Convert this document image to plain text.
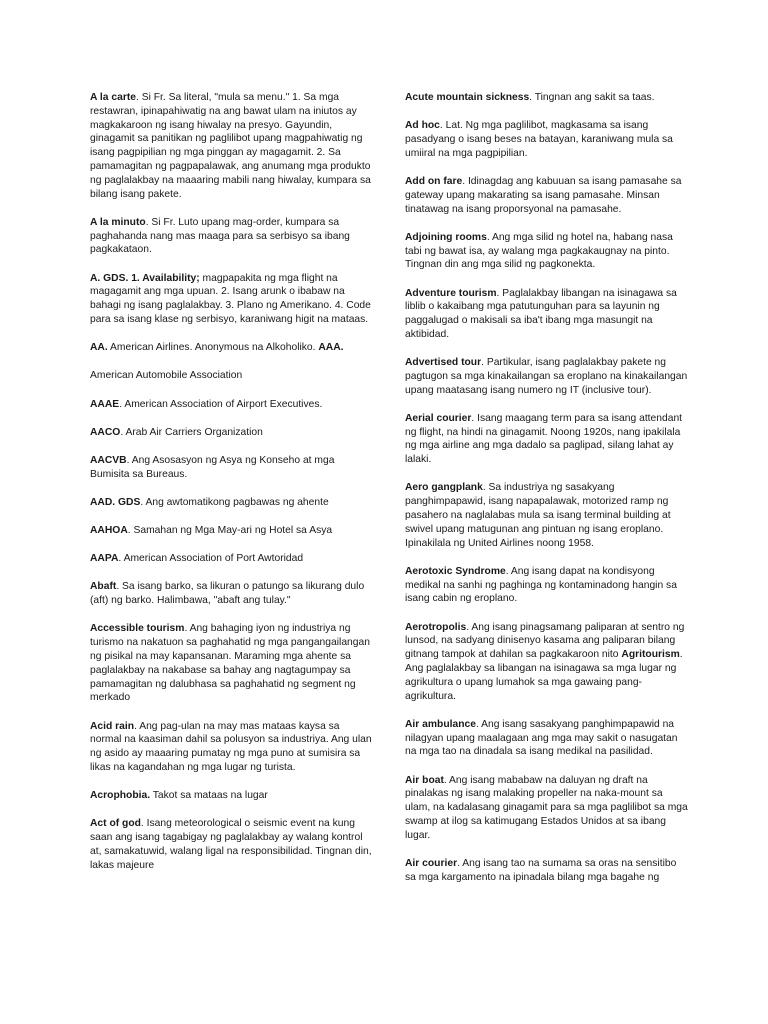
A la carte. Si Fr. Sa literal, "mula sa menu." 1. Sa mga restawran, ipinapahiwatig na ang bawat ulam na iniutos ay magkakaroon ng isang hiwalay na presyo. Gayundin, ginagamit sa panitikan ng paglilibot upang magpahiwatig ng isang pagpipilian ng mga pinggan ay magagamit. 2. Sa pamamagitan ng pagpapalawak, ang anumang mga produkto ng paglalakbay na maaaring mabili nang hiwalay, kumpara sa bilang isang pakete.

A la minuto. Si Fr. Luto upang mag-order, kumpara sa paghahanda nang mas maaga para sa serbisyo sa ibang pagkakataon.

A. GDS. 1. Availability; magpapakita ng mga flight na magagamit ang mga upuan. 2. Isang arunk o ibabaw na bahagi ng isang paglalakbay. 3. Plano ng Amerikano. 4. Code para sa isang klase ng serbisyo, karaniwang higit na mataas.

AA. American Airlines. Anonymous na Alkoholiko. AAA.

American Automobile Association

AAAE. American Association of Airport Executives.

AACO. Arab Air Carriers Organization

AACVB. Ang Asosasyon ng Asya ng Konseho at mga Bumisita sa Bureaus.

AAD. GDS. Ang awtomatikong pagbawas ng ahente

AAHOA. Samahan ng Mga May-ari ng Hotel sa Asya

AAPA. American Association of Port Awtoridad

Abaft. Sa isang barko, sa likuran o patungo sa likurang dulo (aft) ng barko. Halimbawa, "abaft ang tulay."

Accessible tourism. Ang bahaging iyon ng industriya ng turismo na nakatuon sa paghahatid ng mga pangangailangan ng pisikal na may kapansanan. Maraming mga ahente sa paglalakbay na nakabase sa bahay ang nagtagumpay sa pamamagitan ng dalubhasa sa paghahatid ng segment ng merkado

Acid rain. Ang pag-ulan na may mas mataas kaysa sa normal na kaasiman dahil sa polusyon sa industriya. Ang ulan ng asido ay maaaring pumatay ng mga puno at sumisira sa likas na kagandahan ng mga lugar ng turista.

Acrophobia. Takot sa mataas na lugar

Act of god. Isang meteorological o seismic event na kung saan ang isang tagabigay ng paglalakbay ay walang kontrol at, samakatuwid, walang ligal na responsibilidad. Tingnan din, lakas majeure

Acute mountain sickness. Tingnan ang sakit sa taas.

Ad hoc. Lat. Ng mga paglilibot, magkasama sa isang pasadyang o isang beses na batayan, karaniwang mula sa umiiral na mga pagpipilian.

Add on fare. Idinagdag ang kabuuan sa isang pamasahe sa gateway upang makarating sa isang pamasahe. Minsan tinatawag na isang proporsyonal na pamasahe.

Adjoining rooms. Ang mga silid ng hotel na, habang nasa tabi ng bawat isa, ay walang mga pagkakaugnay na pinto. Tingnan din ang mga silid ng pagkonekta.

Adventure tourism. Paglalakbay libangan na isinagawa sa liblib o kakaibang mga patutunguhan para sa layunin ng paggalugad o makisali sa iba't ibang mga masungit na aktibidad.

Advertised tour. Partikular, isang paglalakbay pakete ng pagtugon sa mga kinakailangan sa eroplano na kinakailangan upang maatasang isang numero ng IT (inclusive tour).

Aerial courier. Isang maagang term para sa isang attendant ng flight, na hindi na ginagamit. Noong 1920s, nang ipakilala ng mga airline ang mga dadalo sa paglipad, silang lahat ay lalaki.

Aero gangplank. Sa industriya ng sasakyang panghimpapawid, isang napapalawak, motorized ramp ng pasahero na naglalabas mula sa isang terminal building at swivel upang matugunan ang pintuan ng isang eroplano. Ipinakilala ng United Airlines noong 1958.

Aerotoxic Syndrome. Ang isang dapat na kondisyong medikal na sanhi ng paghinga ng kontaminadong hangin sa isang cabin ng eroplano.

Aerotropolis. Ang isang pinagsamang paliparan at sentro ng lunsod, na sadyang dinisenyo kasama ang paliparan bilang gitnang tampok at dahilan sa pagkakaroon nito Agritourism. Ang paglalakbay sa libangan na isinagawa sa mga lugar ng agrikultura o upang lumahok sa mga gawaing pang-agrikultura.

Air ambulance. Ang isang sasakyang panghimpapawid na nilagyan upang maalagaan ang mga may sakit o nasugatan na mga tao na dinadala sa isang medikal na pasilidad.

Air boat. Ang isang mababaw na daluyan ng draft na pinalakas ng isang malaking propeller na naka-mount sa ulam, na kadalasang ginagamit para sa mga paglilibot sa mga swamp at ilog sa katimugang Estados Unidos at sa ibang lugar.

Air courier. Ang isang tao na sumama sa oras na sensitibo sa mga kargamento na ipinadala bilang mga bagahe ng
